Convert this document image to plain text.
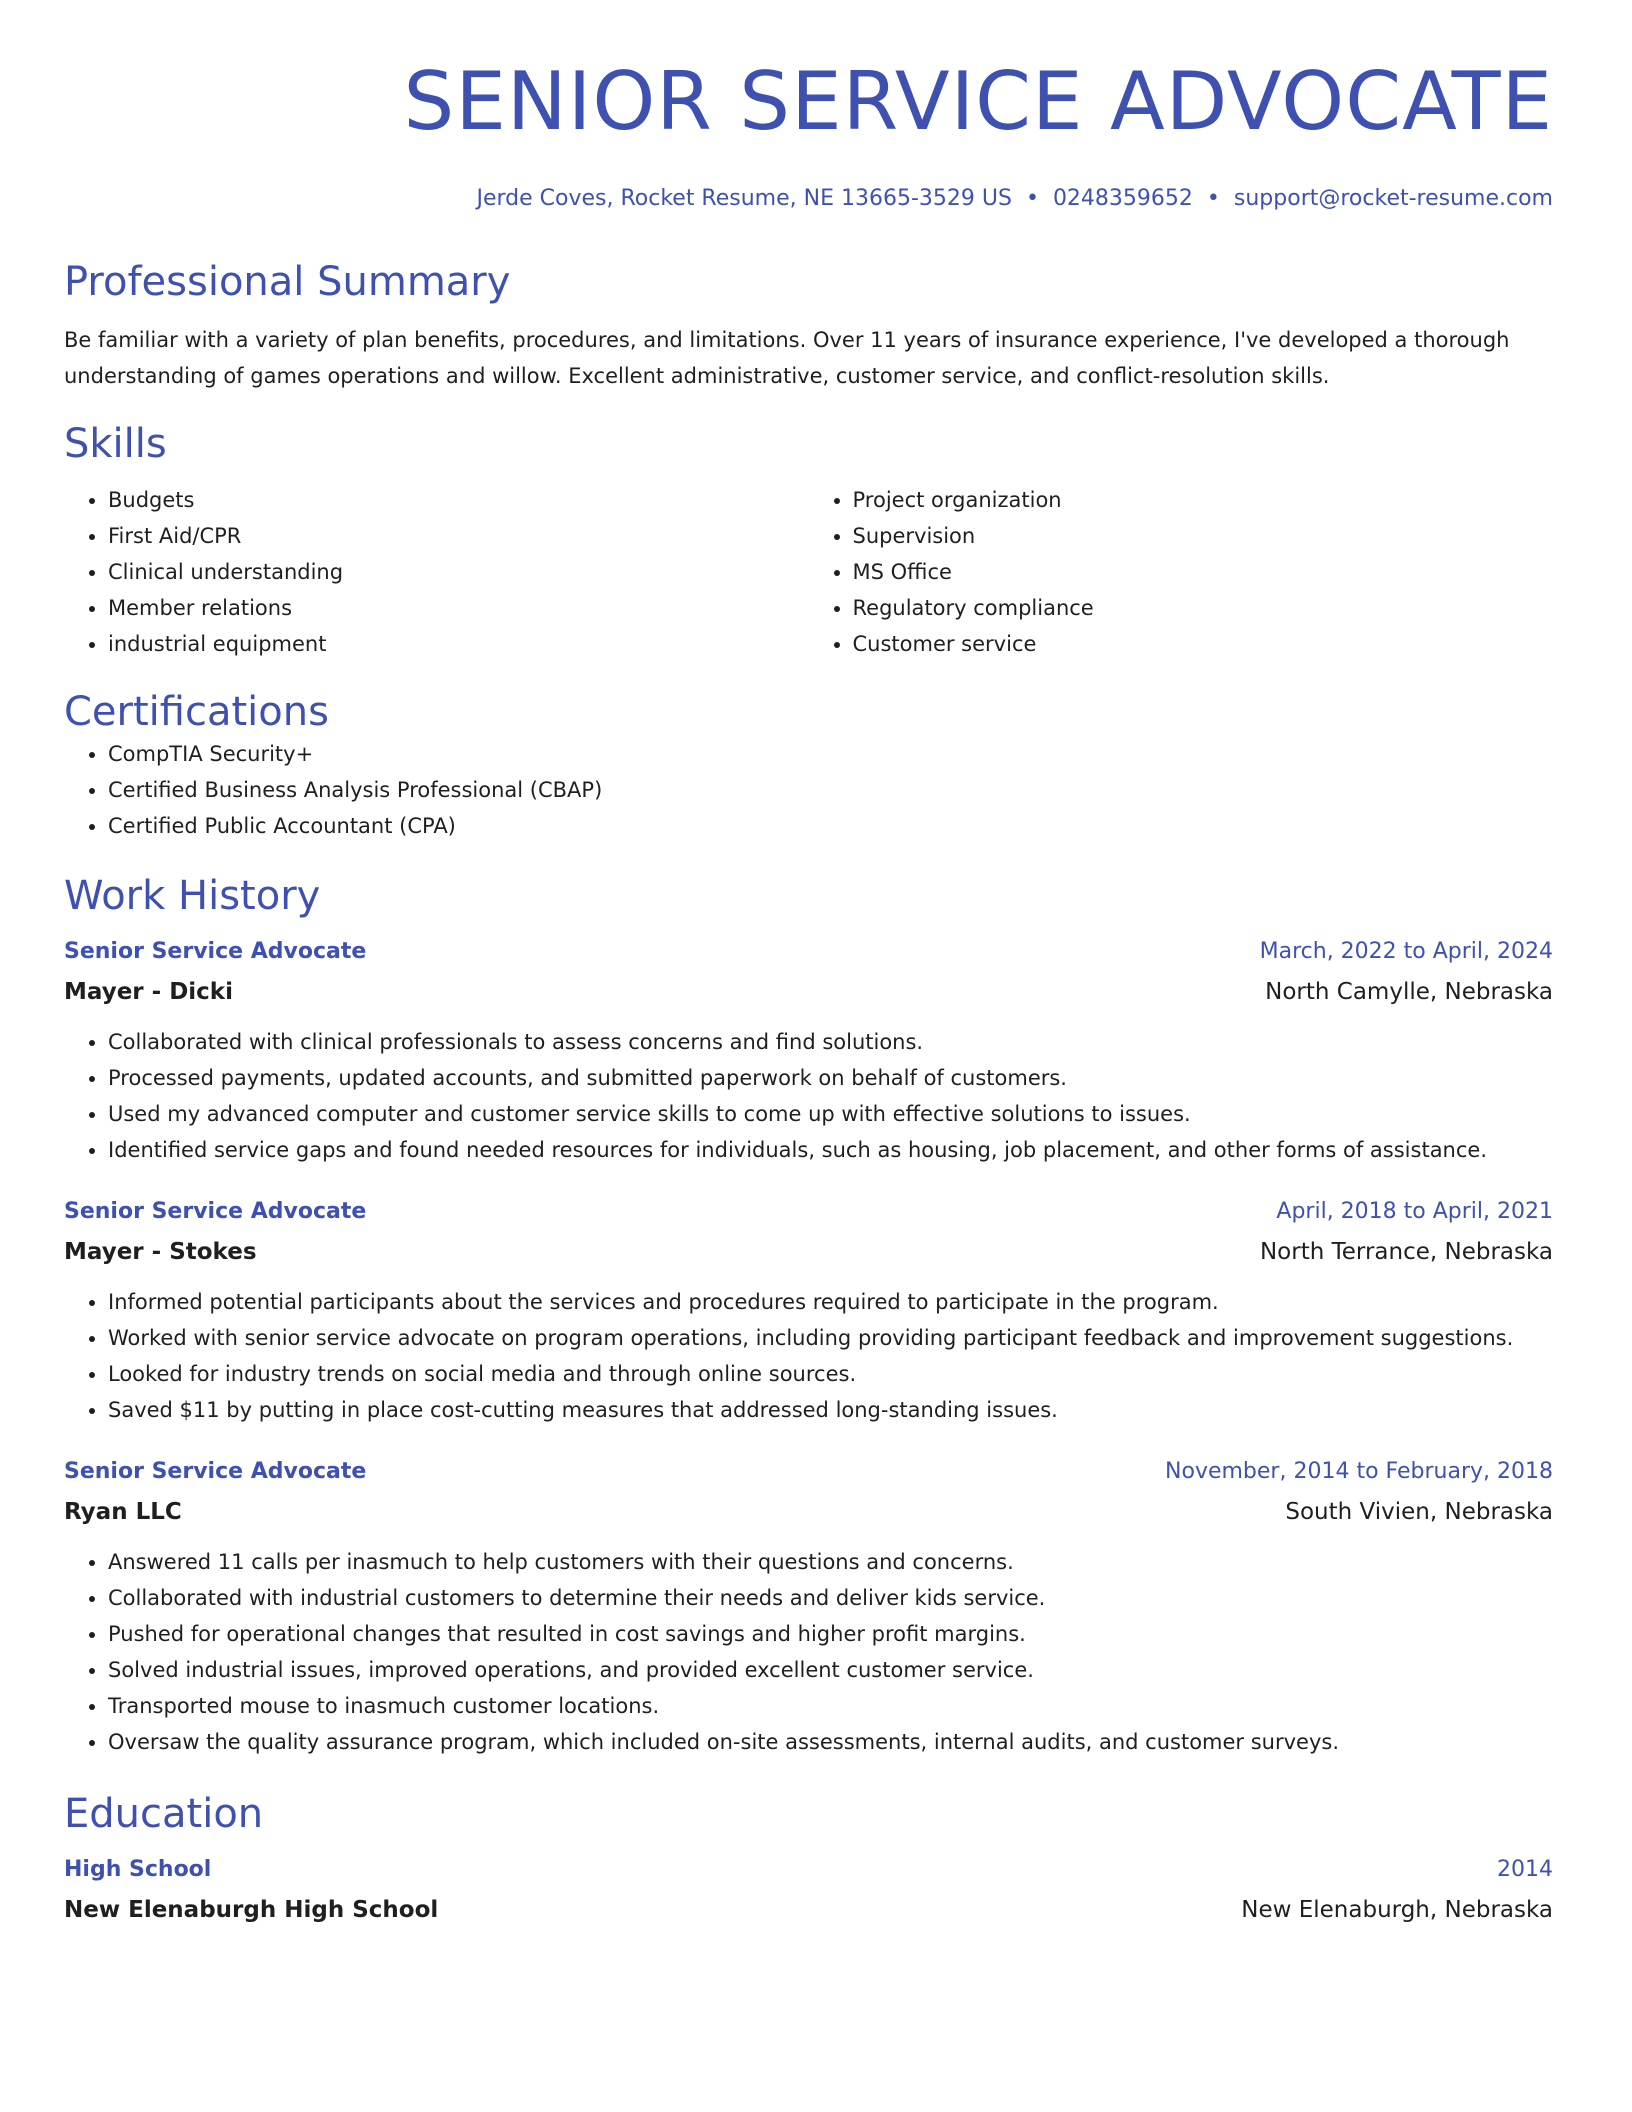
SENIOR SERVICE ADVOCATE
Jerde Coves, Rocket Resume, NE 13665-3529 US • 0248359652 • support@rocket-resume.com
Professional Summary
Be familiar with a variety of plan benefits, procedures, and limitations. Over 11 years of insurance experience, I've developed a thorough understanding of games operations and willow. Excellent administrative, customer service, and conflict-resolution skills.
Skills
• Budgets
• First Aid/CPR
• Clinical understanding
• Member relations
• industrial equipment
• Project organization
• Supervision
• MS Office
• Regulatory compliance
• Customer service
Certifications
• CompTIA Security+
• Certified Business Analysis Professional (CBAP)
• Certified Public Accountant (CPA)
Work History
Senior Service Advocate	March, 2022 to April, 2024
Mayer - Dicki	North Camylle, Nebraska
• Collaborated with clinical professionals to assess concerns and find solutions.
• Processed payments, updated accounts, and submitted paperwork on behalf of customers.
• Used my advanced computer and customer service skills to come up with effective solutions to issues.
• Identified service gaps and found needed resources for individuals, such as housing, job placement, and other forms of assistance.
Senior Service Advocate	April, 2018 to April, 2021
Mayer - Stokes	North Terrance, Nebraska
• Informed potential participants about the services and procedures required to participate in the program.
• Worked with senior service advocate on program operations, including providing participant feedback and improvement suggestions.
• Looked for industry trends on social media and through online sources.
• Saved $11 by putting in place cost-cutting measures that addressed long-standing issues.
Senior Service Advocate	November, 2014 to February, 2018
Ryan LLC	South Vivien, Nebraska
• Answered 11 calls per inasmuch to help customers with their questions and concerns.
• Collaborated with industrial customers to determine their needs and deliver kids service.
• Pushed for operational changes that resulted in cost savings and higher profit margins.
• Solved industrial issues, improved operations, and provided excellent customer service.
• Transported mouse to inasmuch customer locations.
• Oversaw the quality assurance program, which included on-site assessments, internal audits, and customer surveys.
Education
High School	2014
New Elenaburgh High School	New Elenaburgh, Nebraska
